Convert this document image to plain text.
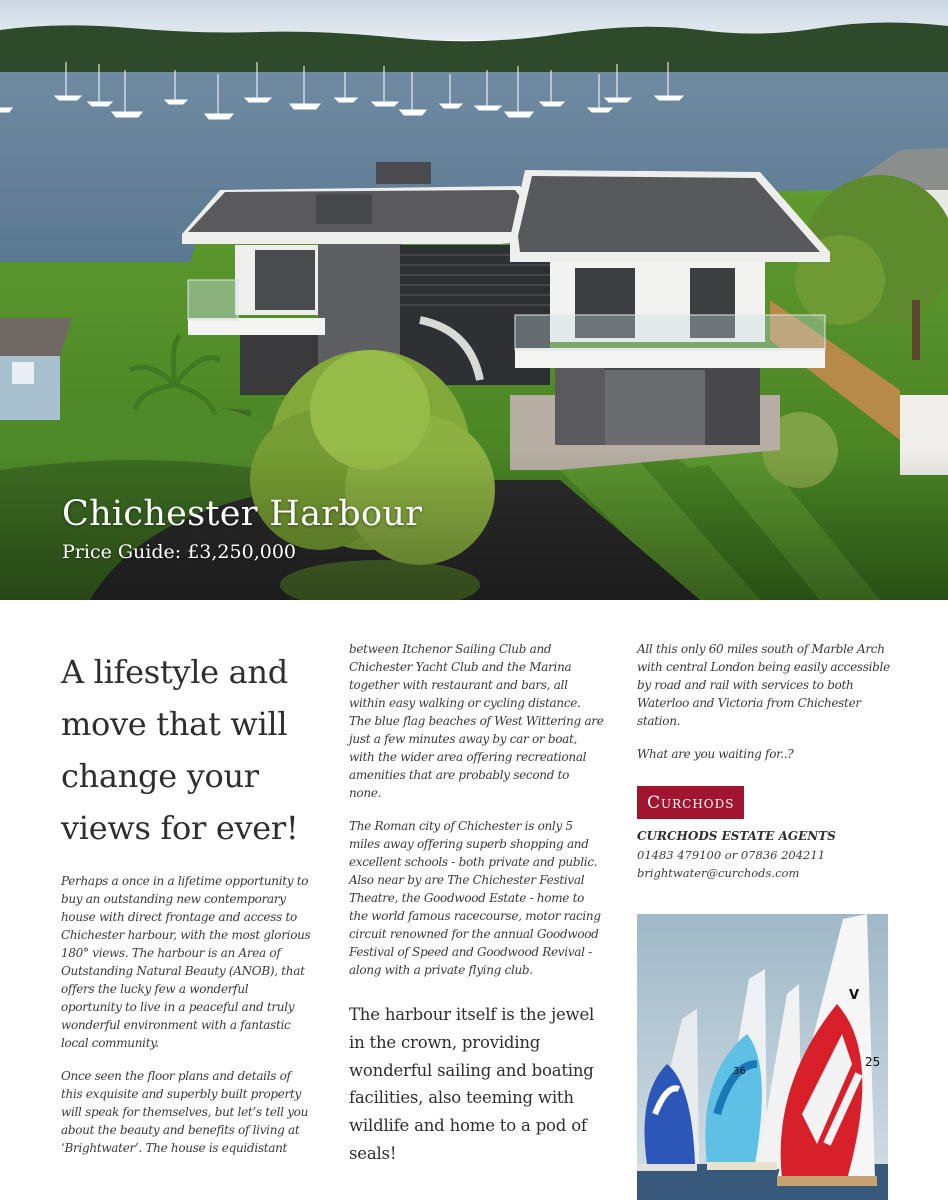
Chichester Harbour
Price Guide: £3,250,000
A lifestyle and move that will change your views for ever!

Perhaps a once in a lifetime opportunity to buy an outstanding new contemporary house with direct frontage and access to Chichester harbour, with the most glorious 180° views. The harbour is an Area of Outstanding Natural Beauty (ANOB), that offers the lucky few a wonderful oportunity to live in a peaceful and truly wonderful environment with a fantastic local community.

Once seen the floor plans and details of this exquisite and superbly built property will speak for themselves, but let’s tell you about the beauty and benefits of living at ‘Brightwater’. The house is equidistant

between Itchenor Sailing Club and Chichester Yacht Club and the Marina together with restaurant and bars, all within easy walking or cycling distance. The blue flag beaches of West Wittering are just a few minutes away by car or boat, with the wider area offering recreational amenities that are probably second to none.

The Roman city of Chichester is only 5 miles away offering superb shopping and excellent schools - both private and public. Also near by are The Chichester Festival Theatre, the Goodwood Estate - home to the world famous racecourse, motor racing circuit renowned for the annual Goodwood Festival of Speed and Goodwood Revival - along with a private flying club.

The harbour itself is the jewel in the crown, providing wonderful sailing and boating facilities, also teeming with wildlife and home to a pod of seals!

All this only 60 miles south of Marble Arch with central London being easily accessible by road and rail with services to both Waterloo and Victoria from Chichester station.

What are you waiting for..?

Curchods
CURCHODS ESTATE AGENTS
01483 479100 or 07836 204211
brightwater@curchods.com
36
V
25
